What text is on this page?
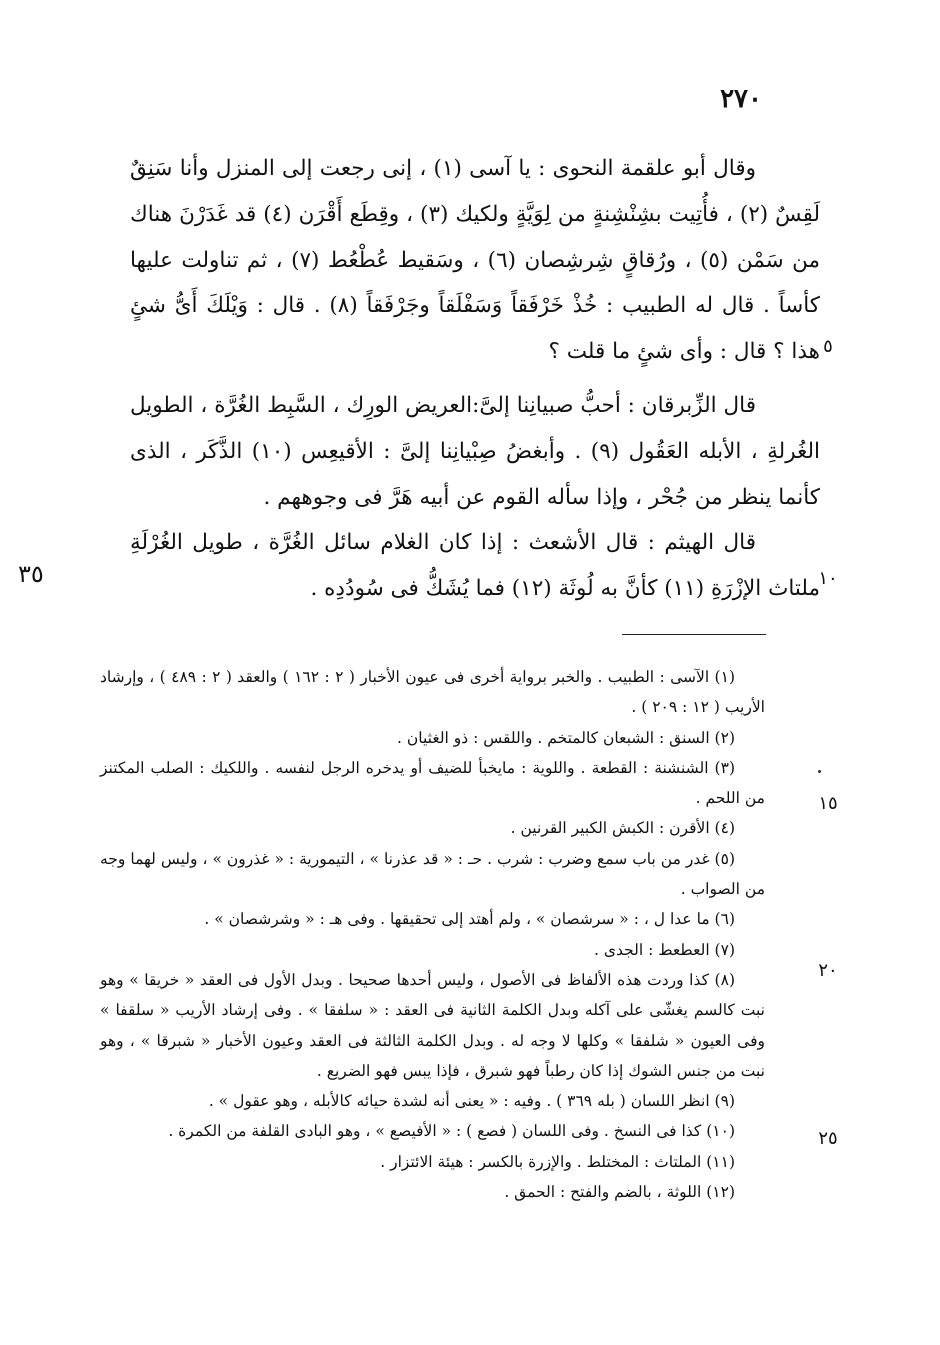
٢٧٠

وقال أبو علقمة النحوى : يا آسى (١) ، إنى رجعت إلى المنزل وأنا سَنِقٌ لَقِسٌ (٢) ، فأُتِيت بشِنْشِنةٍ من لِوَيَّةٍ ولكيك (٣) ، وقِطَع أَقْرَن (٤) قد غَدَرْنَ هناك من سَمْن (٥) ، ورُقاقٍ شِرشِصان (٦) ، وسَقيط عُطْعُط (٧) ، ثم تناولت عليها كأساً . قال له الطبيب : خُذْ خَرْفَقاً وَسَفْلَقاً وجَرْفَقاً (٨) . قال : وَيْلَكَ أَىُّ شئٍ هذا ؟ قال : وأى شئٍ ما قلت ؟

قال الزِّبرقان : أحبُّ صبيانِنا إلىَّ:العريض الورِك ، السَّبِط الغُرَّة ، الطويل الغُرلةِ ، الأبله العَقُول (٩) . وأبغضُ صِبْيانِنا إلىَّ : الأقيعِس (١٠) الذَّكَر ، الذى كأنما ينظر من جُحْر ، وإذا سأله القوم عن أبيه هَرَّ فى وجوههم .

قال الهيثم : قال الأشعث : إذا كان الغلام سائل الغُرَّة ، طويل الغُرْلَةِ ملتاث الإزْرَةِ (١١) كأنَّ به لُوثَة (١٢) فما يُشَكُّ فى سُودُدِه .

٥
١٠
١٥
٢٠
٢٥
٣٥

(١) الآسى : الطبيب . والخبر برواية أخرى فى عيون الأخبار ( ٢ : ١٦٢ ) والعقد ( ٢ : ٤٨٩ ) ، وإرشاد الأريب ( ١٢ : ٢٠٩ ) .

(٢) السنق : الشبعان كالمتخم . واللقس : ذو الغثيان .

(٣) الشنشنة : القطعة . واللوية : مايخبأ للضيف أو يدخره الرجل لنفسه . واللكيك : الصلب المكتنز من اللحم .

(٤) الأقرن : الكبش الكبير القرنين .

(٥) غدر من باب سمع وضرب : شرب . حـ : « قد عذرنا » ، التيمورية : « غذرون » ، وليس لهما وجه من الصواب .

(٦) ما عدا ل ، : « سرشصان » ، ولم أهتد إلى تحقيقها . وفى هـ : « وشرشصان » .

(٧) العطعط : الجدى .

(٨) كذا وردت هذه الألفاظ فى الأصول ، وليس أحدها صحيحا . وبدل الأول فى العقد « خريقا » وهو نبت كالسم يغشّى على آكله وبدل الكلمة الثانية فى العقد : « سلفقا » . وفى إرشاد الأريب « سلقفا » وفى العيون « شلفقا » وكلها لا وجه له . وبدل الكلمة الثالثة فى العقد وعيون الأخبار « شبرقا » ، وهو نبت من جنس الشوك إذا كان رطباً فهو شبرق ، فإذا يبس فهو الضريع .

(٩) انظر اللسان ( بله ٣٦٩ ) . وفيه : « يعنى أنه لشدة حيائه كالأبله ، وهو عقول » .

(١٠) كذا فى النسخ . وفى اللسان ( فصع ) : « الأفيصع » ، وهو البادى القلفة من الكمرة .

(١١) الملتاث : المختلط . والإزرة بالكسر : هيئة الائتزار .

(١٢) اللوثة ، بالضم والفتح : الحمق .
